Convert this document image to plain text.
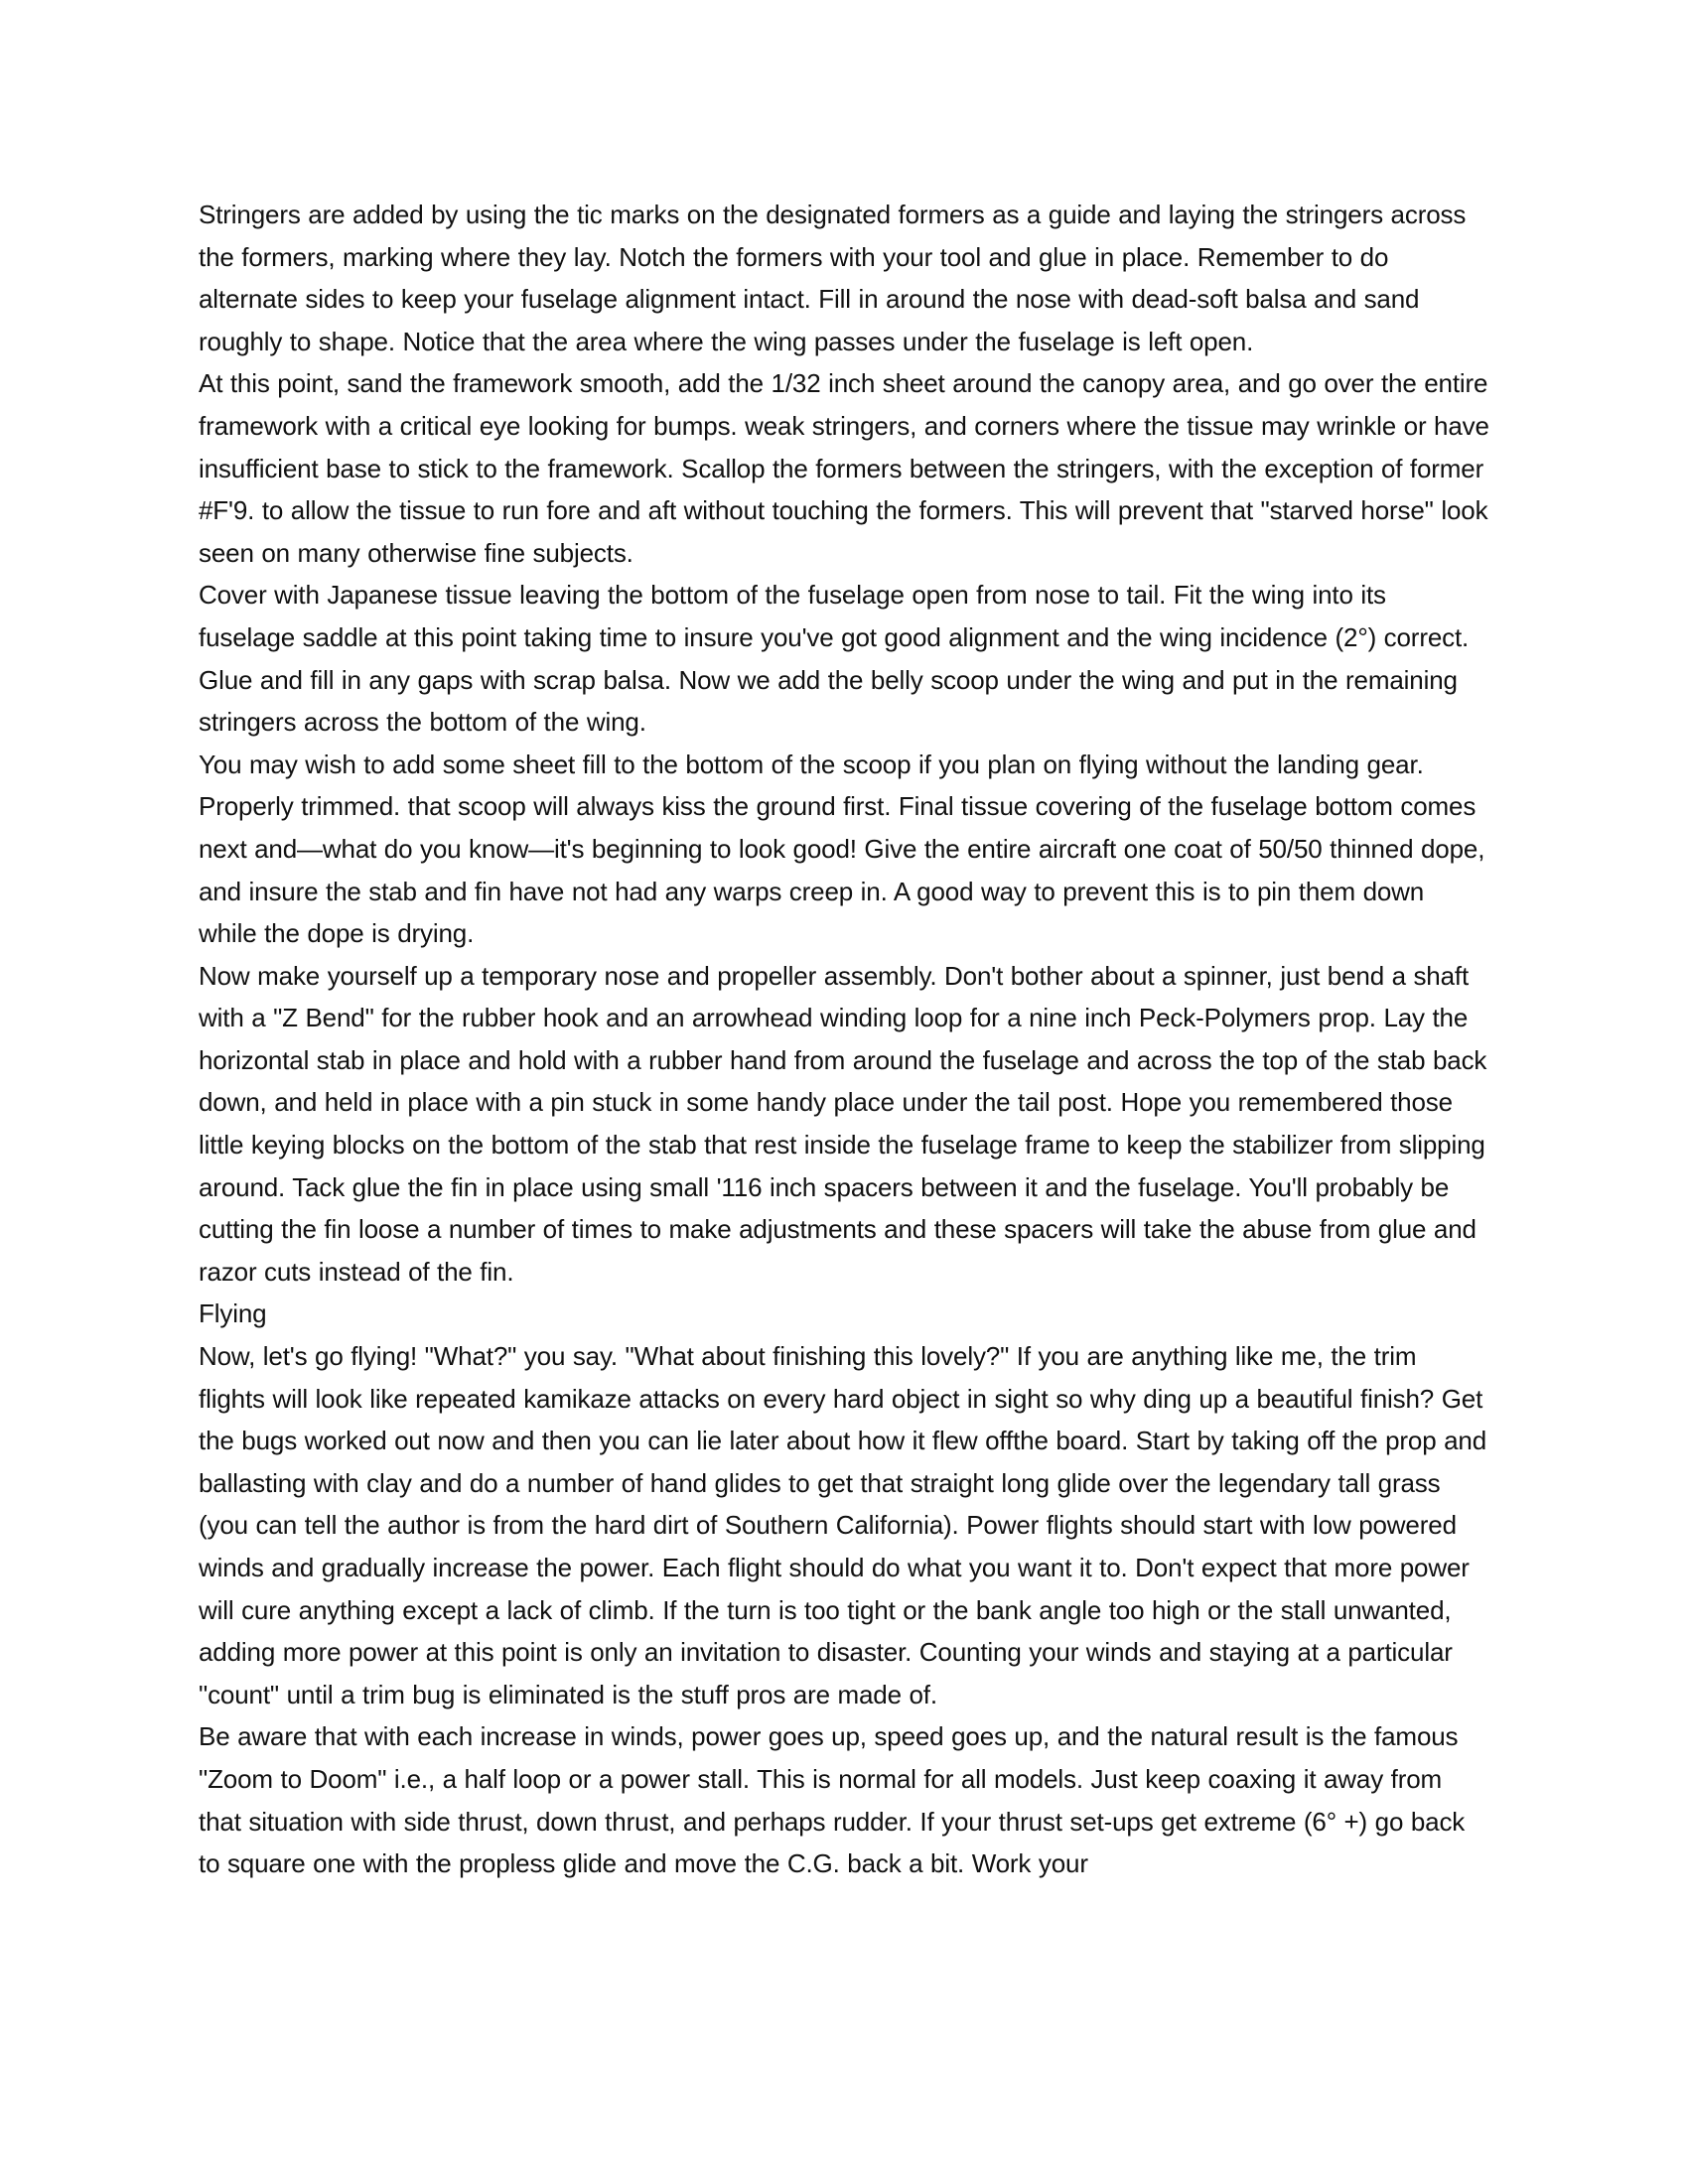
Stringers are added by using the tic marks on the designated formers as a guide and laying the stringers across the formers, marking where they lay. Notch the formers with your tool and glue in place. Remember to do alternate sides to keep your fuselage alignment intact. Fill in around the nose with dead-soft balsa and sand roughly to shape. Notice that the area where the wing passes under the fuselage is left open.

At this point, sand the framework smooth, add the 1/32 inch sheet around the canopy area, and go over the entire framework with a critical eye looking for bumps. weak stringers, and corners where the tissue may wrinkle or have insufficient base to stick to the framework. Scallop the formers between the stringers, with the exception of former #F'9. to allow the tissue to run fore and aft without touching the formers. This will prevent that "starved horse" look seen on many otherwise fine subjects.

Cover with Japanese tissue leaving the bottom of the fuselage open from nose to tail. Fit the wing into its fuselage saddle at this point taking time to insure you've got good alignment and the wing incidence (2°) correct. Glue and fill in any gaps with scrap balsa. Now we add the belly scoop under the wing and put in the remaining stringers across the bottom of the wing.

You may wish to add some sheet fill to the bottom of the scoop if you plan on flying without the landing gear. Properly trimmed. that scoop will always kiss the ground first. Final tissue covering of the fuselage bottom comes next and—what do you know—it's beginning to look good! Give the entire aircraft one coat of 50/50 thinned dope, and insure the stab and fin have not had any warps creep in. A good way to prevent this is to pin them down while the dope is drying.

Now make yourself up a temporary nose and propeller assembly. Don't bother about a spinner, just bend a shaft with a "Z Bend" for the rubber hook and an arrowhead winding loop for a nine inch Peck-Polymers prop. Lay the horizontal stab in place and hold with a rubber hand from around the fuselage and across the top of the stab back down, and held in place with a pin stuck in some handy place under the tail post. Hope you remembered those little keying blocks on the bottom of the stab that rest inside the fuselage frame to keep the stabilizer from slipping around. Tack glue the fin in place using small '116 inch spacers between it and the fuselage. You'll probably be cutting the fin loose a number of times to make adjustments and these spacers will take the abuse from glue and razor cuts instead of the fin.

Flying

Now, let's go flying! "What?" you say. "What about finishing this lovely?" If you are anything like me, the trim flights will look like repeated kamikaze attacks on every hard object in sight so why ding up a beautiful finish? Get the bugs worked out now and then you can lie later about how it flew offthe board. Start by taking off the prop and ballasting with clay and do a number of hand glides to get that straight long glide over the legendary tall grass (you can tell the author is from the hard dirt of Southern California). Power flights should start with low powered winds and gradually increase the power. Each flight should do what you want it to. Don't expect that more power will cure anything except a lack of climb. If the turn is too tight or the bank angle too high or the stall unwanted, adding more power at this point is only an invitation to disaster. Counting your winds and staying at a particular "count" until a trim bug is eliminated is the stuff pros are made of.

Be aware that with each increase in winds, power goes up, speed goes up, and the natural result is the famous "Zoom to Doom" i.e., a half loop or a power stall. This is normal for all models. Just keep coaxing it away from that situation with side thrust, down thrust, and perhaps rudder. If your thrust set-ups get extreme (6° +) go back to square one with the propless glide and move the C.G. back a bit. Work your
